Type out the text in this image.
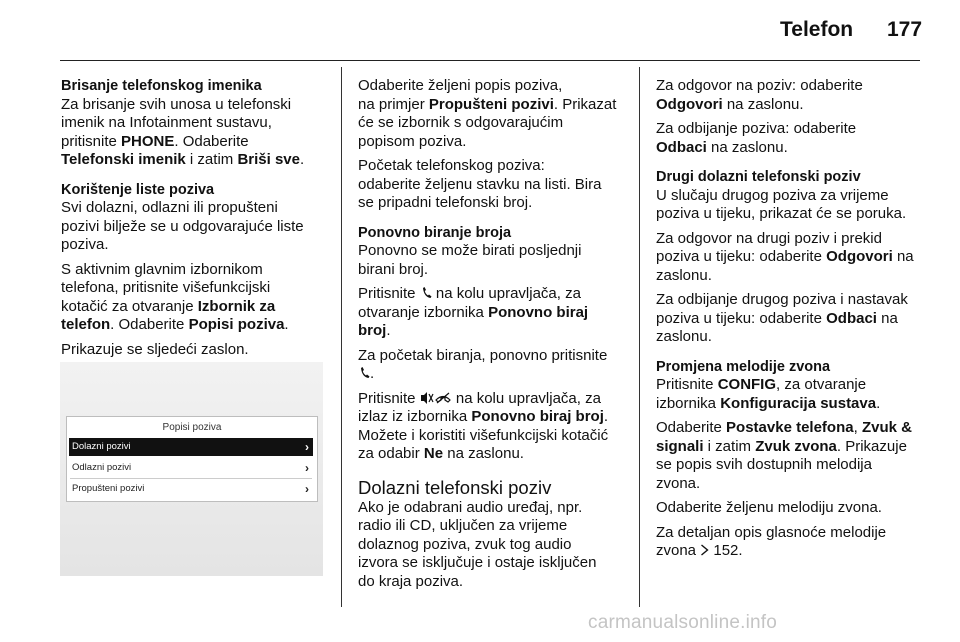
Telefon 177
Brisanje telefonskog imenika
Za brisanje svih unosa u telefonski
imenik na Infotainment sustavu,
pritisnite PHONE. Odaberite
Telefonski imenik i zatim Briši sve.
Korištenje liste poziva
Svi dolazni, odlazni ili propušteni
pozivi bilježe se u odgovarajuće liste
poziva.
S aktivnim glavnim izbornikom
telefona, pritisnite višefunkcijski
kotačić za otvaranje Izbornik za
telefon. Odaberite Popisi poziva.
Prikazuje se sljedeći zaslon.
Popisi poziva
Dolazni pozivi	›
Odlazni pozivi	›
Propušteni pozivi	›
Odaberite željeni popis poziva,
na primjer Propušteni pozivi. Prikazat
će se izbornik s odgovarajućim
popisom poziva.
Početak telefonskog poziva:
odaberite željenu stavku na listi. Bira
se pripadni telefonski broj.
Ponovno biranje broja
Ponovno se može birati posljednji
birani broj.
Pritisnite  na kolu upravljača, za
otvaranje izbornika Ponovno biraj
broj.
Za početak biranja, ponovno pritisnite
.
Pritisnite  na kolu upravljača, za
izlaz iz izbornika Ponovno biraj broj.
Možete i koristiti višefunkcijski kotačić
za odabir Ne na zaslonu.
Dolazni telefonski poziv
Ako je odabrani audio uređaj, npr.
radio ili CD, uključen za vrijeme
dolaznog poziva, zvuk tog audio
izvora se isključuje i ostaje isključen
do kraja poziva.
Za odgovor na poziv: odaberite
Odgovori na zaslonu.
Za odbijanje poziva: odaberite
Odbaci na zaslonu.
Drugi dolazni telefonski poziv
U slučaju drugog poziva za vrijeme
poziva u tijeku, prikazat će se poruka.
Za odgovor na drugi poziv i prekid
poziva u tijeku: odaberite Odgovori na
zaslonu.
Za odbijanje drugog poziva i nastavak
poziva u tijeku: odaberite Odbaci na
zaslonu.
Promjena melodije zvona
Pritisnite CONFIG, za otvaranje
izbornika Konfiguracija sustava.
Odaberite Postavke telefona, Zvuk &
signali i zatim Zvuk zvona. Prikazuje
se popis svih dostupnih melodija
zvona.
Odaberite željenu melodiju zvona.
Za detaljan opis glasnoće melodije
zvona  152.
carmanualsonline.info
